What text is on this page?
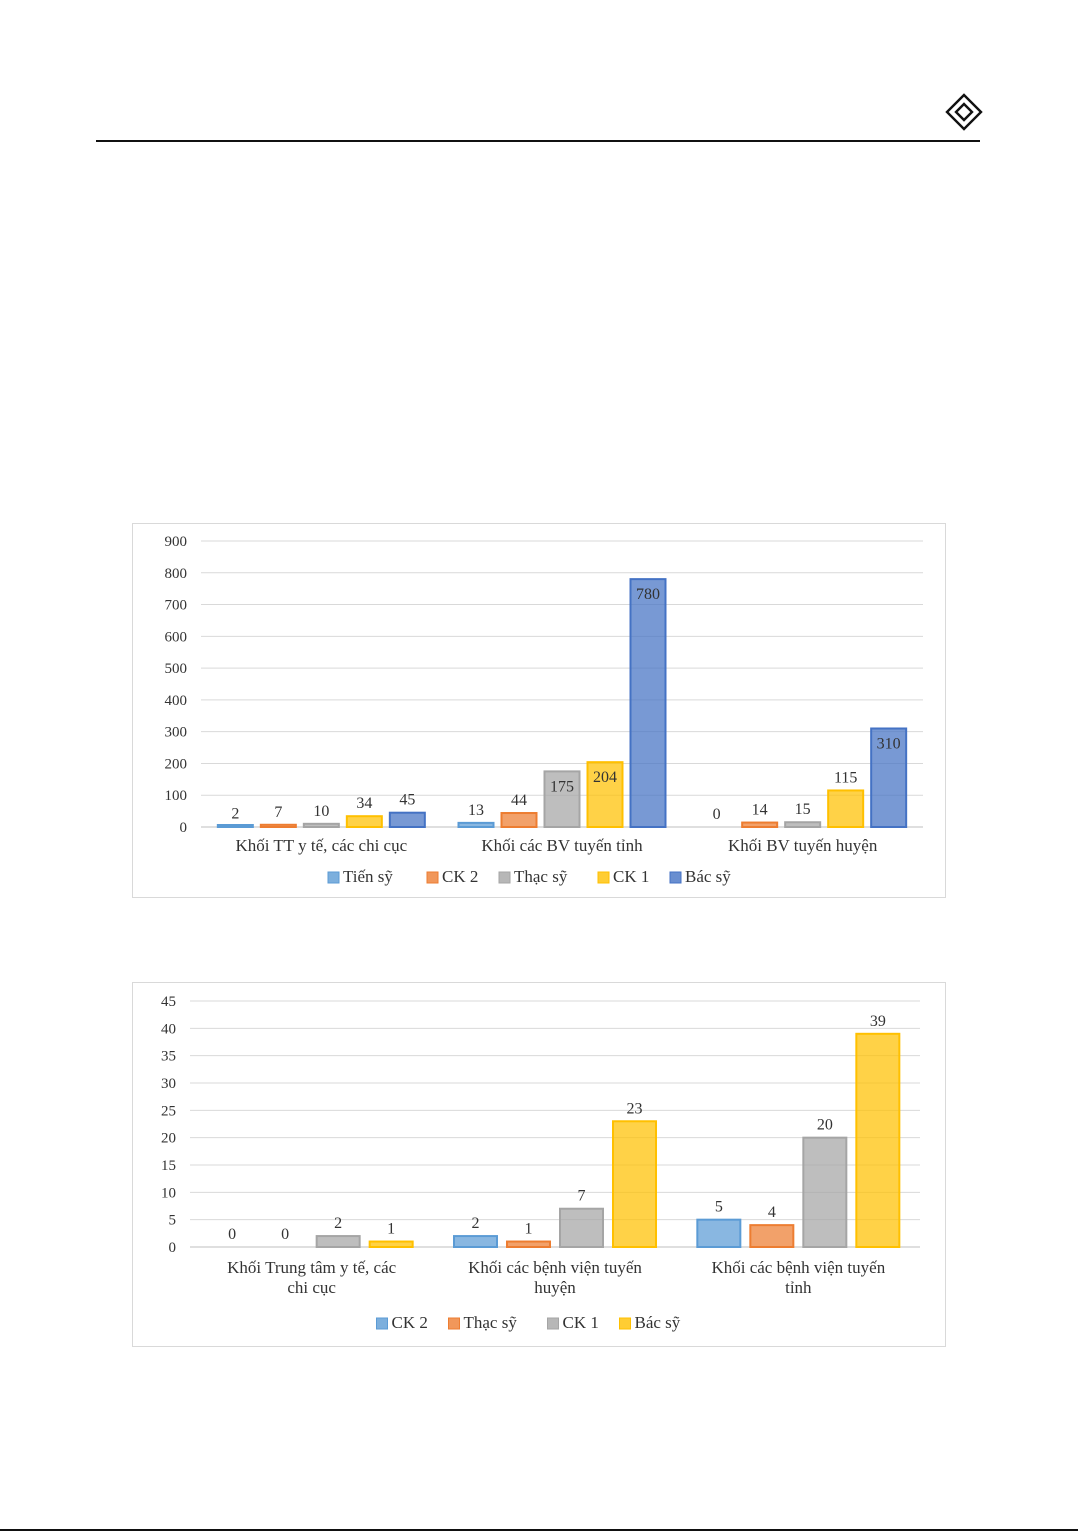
0
100
200
300
400
500
600
700
800
900
2 7 10 34 45
Khối TT y tế, các chi cục
13
44
175
204
780
Khối các BV tuyến tỉnh
0 14 15
115
310
Khối BV tuyến huyện
Tiến sỹ	CK 2 Thạc sỹ	CK 1 Bác sỹ
0
5
10
15
20
25
30
35
40
45
0	0
2	1
Khối Trung tâm y tế, các
chi cục
2	1
7
23
Khối các bệnh viện tuyến
huyện
5	4
20
39
Khối các bệnh viện tuyến
tỉnh
CK 2 Thạc sỹ	CK 1 Bác sỹ
